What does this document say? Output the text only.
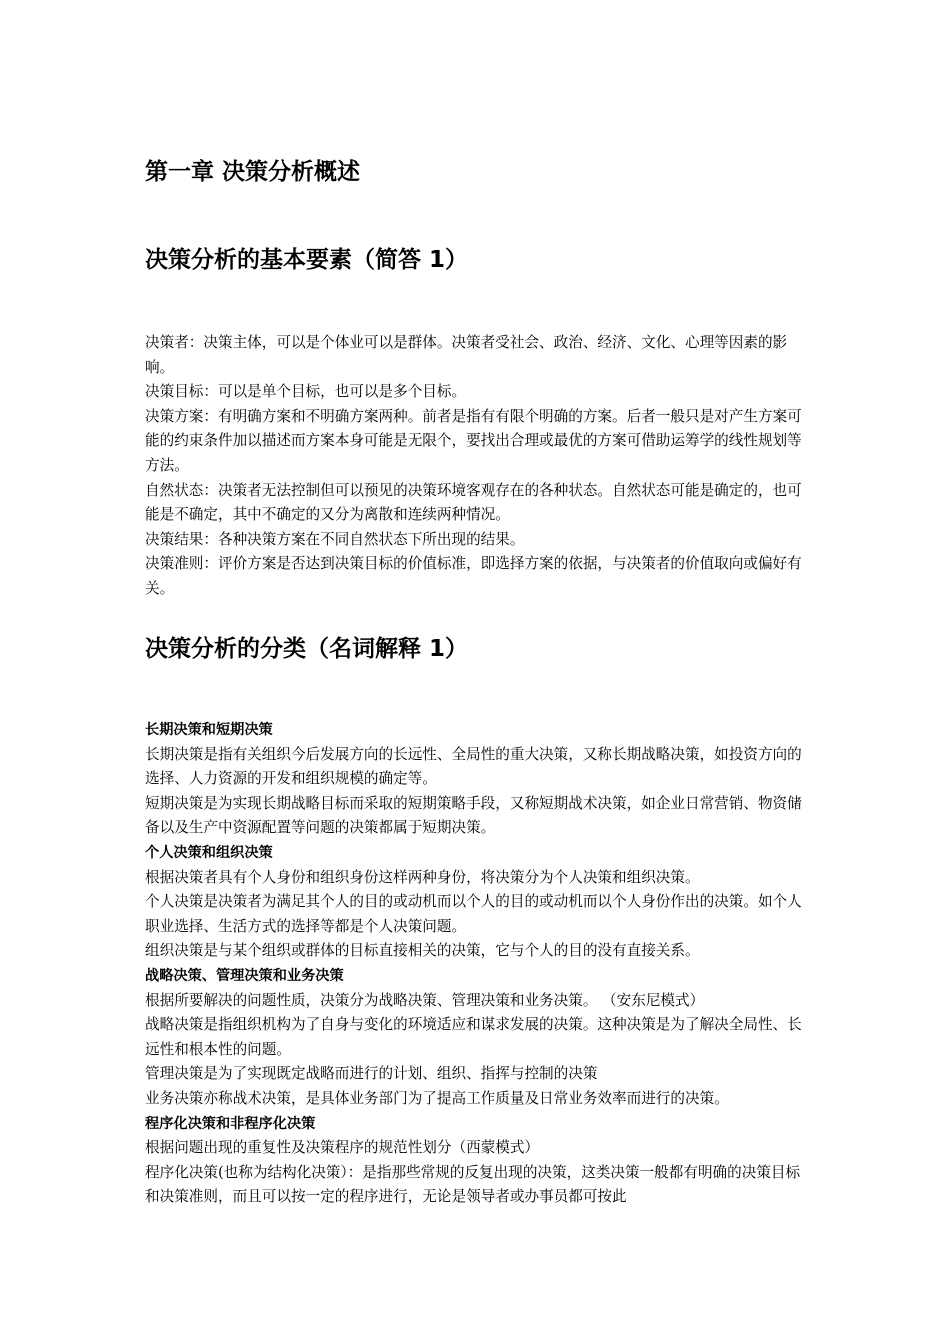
第一章 决策分析概述
决策分析的基本要素（简答 1）

决策者：决策主体，可以是个体业可以是群体。决策者受社会、政治、经济、文化、心理等因素的影响。

决策目标：可以是单个目标，也可以是多个目标。

决策方案：有明确方案和不明确方案两种。前者是指有有限个明确的方案。后者一般只是对产生方案可能的约束条件加以描述而方案本身可能是无限个，要找出合理或最优的方案可借助运筹学的线性规划等方法。

自然状态：决策者无法控制但可以预见的决策环境客观存在的各种状态。自然状态可能是确定的，也可能是不确定，其中不确定的又分为离散和连续两种情况。

决策结果：各种决策方案在不同自然状态下所出现的结果。

决策准则：评价方案是否达到决策目标的价值标准，即选择方案的依据，与决策者的价值取向或偏好有关。

决策分析的分类（名词解释 1）

长期决策和短期决策

长期决策是指有关组织今后发展方向的长远性、全局性的重大决策，又称长期战略决策，如投资方向的选择、人力资源的开发和组织规模的确定等。

短期决策是为实现长期战略目标而采取的短期策略手段，又称短期战术决策，如企业日常营销、物资储备以及生产中资源配置等问题的决策都属于短期决策。

个人决策和组织决策

根据决策者具有个人身份和组织身份这样两种身份，将决策分为个人决策和组织决策。

个人决策是决策者为满足其个人的目的或动机而以个人的目的或动机而以个人身份作出的决策。如个人职业选择、生活方式的选择等都是个人决策问题。

组织决策是与某个组织或群体的目标直接相关的决策，它与个人的目的没有直接关系。

战略决策、管理决策和业务决策

根据所要解决的问题性质，决策分为战略决策、管理决策和业务决策。 （安东尼模式）

战略决策是指组织机构为了自身与变化的环境适应和谋求发展的决策。这种决策是为了解决全局性、长远性和根本性的问题。

管理决策是为了实现既定战略而进行的计划、组织、指挥与控制的决策

业务决策亦称战术决策，是具体业务部门为了提高工作质量及日常业务效率而进行的决策。

程序化决策和非程序化决策

根据问题出现的重复性及决策程序的规范性划分（西蒙模式）

程序化决策(也称为结构化决策）：是指那些常规的反复出现的决策，这类决策一般都有明确的决策目标和决策准则，而且可以按一定的程序进行，无论是领导者或办事员都可按此
